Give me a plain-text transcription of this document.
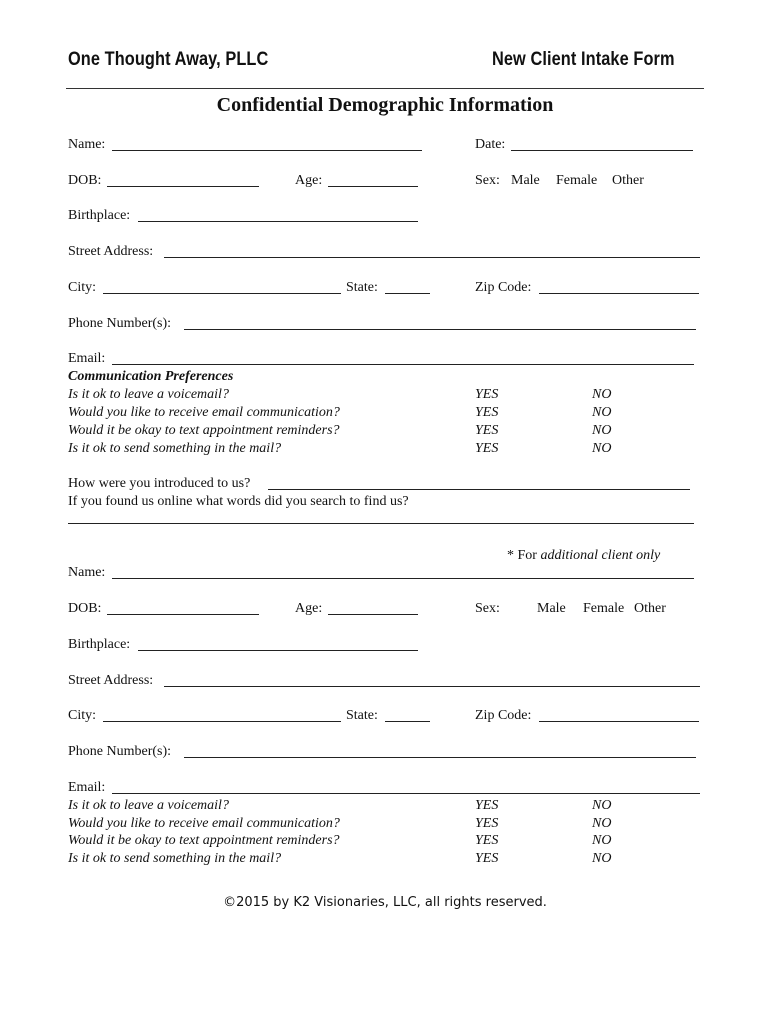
One Thought Away, PLLC	New Client Intake Form
Confidential Demographic Information
Name:	Date:
DOB:	Age:	Sex: Male Female Other
Birthplace:
Street Address:
City:	State:	Zip Code:
Phone Number(s):
Email:
Communication Preferences
Is it ok to leave a voicemail?	YES	NO
Would you like to receive email communication?	YES	NO
Would it be okay to text appointment reminders?	YES	NO
Is it ok to send something in the mail?	YES	NO
How were you introduced to us?
If you found us online what words did you search to find us?
* For additional client only
Name:
DOB:	Age:	Sex:	Male Female Other
Birthplace:
Street Address:
City:	State:	Zip Code:
Phone Number(s):
Email:
Is it ok to leave a voicemail?	YES	NO
Would you like to receive email communication?	YES	NO
Would it be okay to text appointment reminders?	YES	NO
Is it ok to send something in the mail?	YES	NO
©2015 by K2 Visionaries, LLC, all rights reserved.
